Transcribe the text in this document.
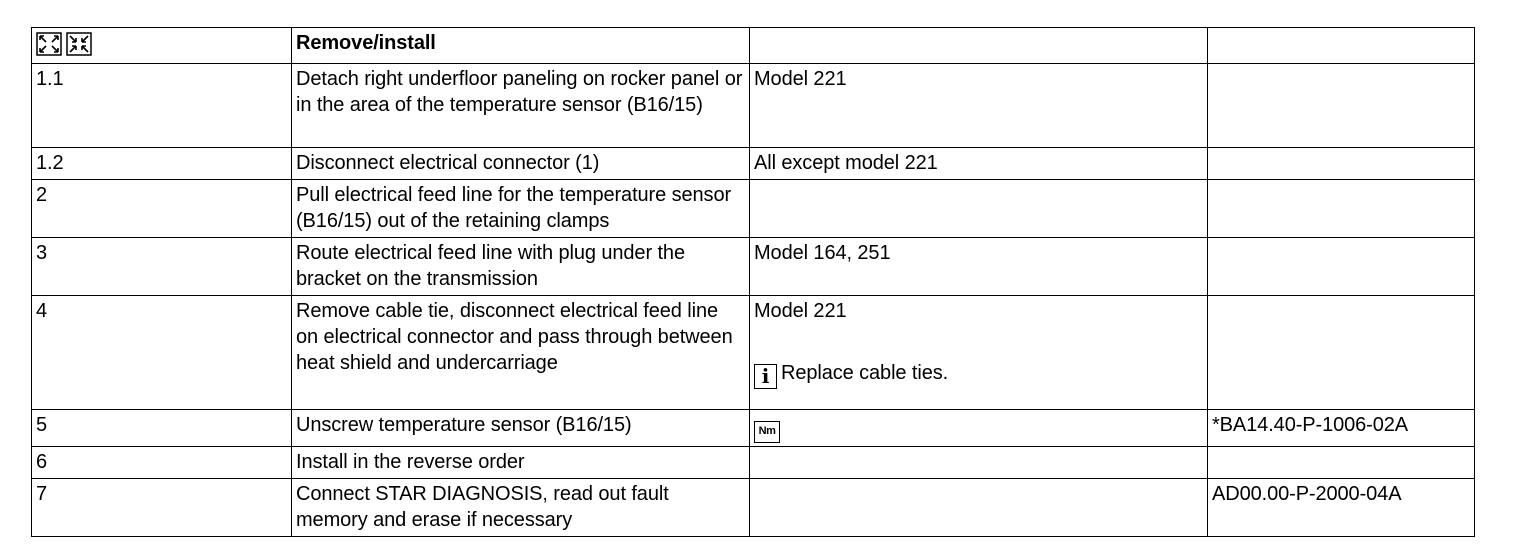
	Remove/install		
1.1	Detach right underfloor paneling on rocker panel or in the area of the temperature sensor (B16/15)	Model 221	
1.2	Disconnect electrical connector (1)	All except model 221	
2	Pull electrical feed line for the temperature sensor (B16/15) out of the retaining clamps		
3	Route electrical feed line with plug under the bracket on the transmission	Model 164, 251	
4	Remove cable tie, disconnect electrical feed line on electrical connector and pass through between heat shield and undercarriage	Model 221
i Replace cable ties.	

5	Unscrew temperature sensor (B16/15)	Nm	*BA14.40-P-1006-02A
6	Install in the reverse order		
7	Connect STAR DIAGNOSIS, read out fault memory and erase if necessary		AD00.00-P-2000-04A
